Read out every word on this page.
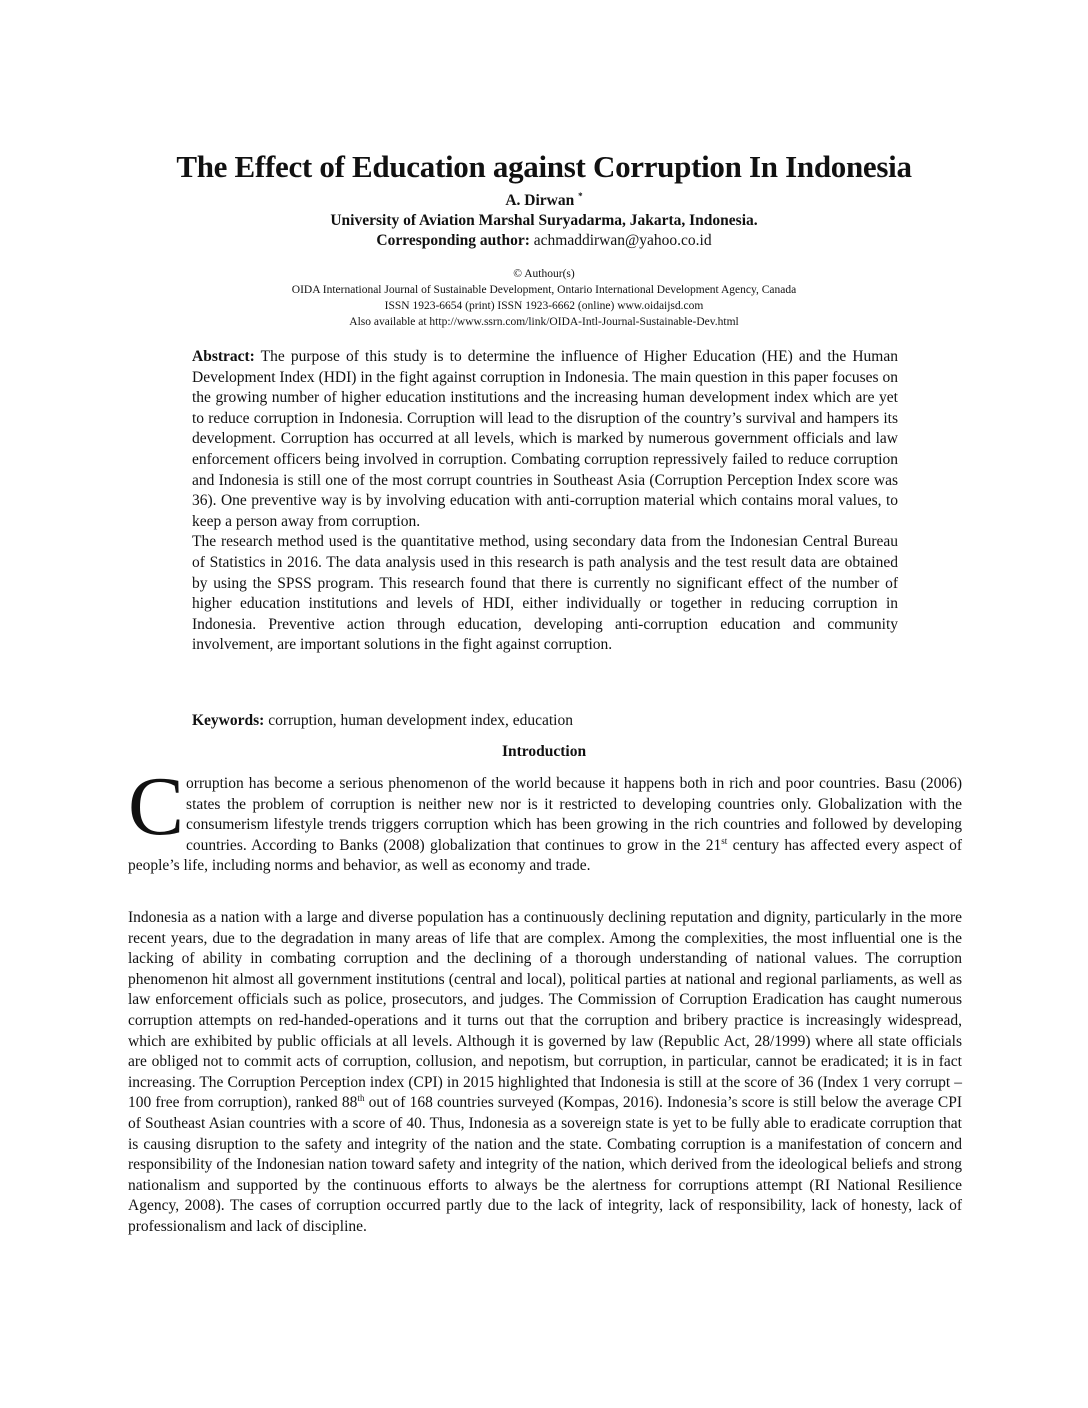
The Effect of Education against Corruption In Indonesia
A. Dirwan *
University of Aviation Marshal Suryadarma, Jakarta, Indonesia.
Corresponding author: achmaddirwan@yahoo.co.id
© Authour(s)
OIDA International Journal of Sustainable Development, Ontario International Development Agency, Canada
ISSN 1923-6654 (print) ISSN 1923-6662 (online) www.oidaijsd.com
Also available at http://www.ssrn.com/link/OIDA-Intl-Journal-Sustainable-Dev.html

Abstract: The purpose of this study is to determine the influence of Higher Education (HE) and the Human Development Index (HDI) in the fight against corruption in Indonesia. The main question in this paper focuses on the growing number of higher education institutions and the increasing human development index which are yet to reduce corruption in Indonesia. Corruption will lead to the disruption of the country’s survival and hampers its development. Corruption has occurred at all levels, which is marked by numerous government officials and law enforcement officers being involved in corruption. Combating corruption repressively failed to reduce corruption and Indonesia is still one of the most corrupt countries in Southeast Asia (Corruption Perception Index score was 36). One preventive way is by involving education with anti-corruption material which contains moral values, to keep a person away from corruption.

The research method used is the quantitative method, using secondary data from the Indonesian Central Bureau of Statistics in 2016. The data analysis used in this research is path analysis and the test result data are obtained by using the SPSS program. This research found that there is currently no significant effect of the number of higher education institutions and levels of HDI, either individually or together in reducing corruption in Indonesia. Preventive action through education, developing anti-corruption education and community involvement, are important solutions in the fight against corruption.

Keywords: corruption, human development index, education
Introduction

Corruption has become a serious phenomenon of the world because it happens both in rich and poor countries. Basu (2006) states the problem of corruption is neither new nor is it restricted to developing countries only. Globalization with the consumerism lifestyle trends triggers corruption which has been growing in the rich countries and followed by developing countries. According to Banks (2008) globalization that continues to grow in the 21st century has affected every aspect of people’s life, including norms and behavior, as well as economy and trade.

Indonesia as a nation with a large and diverse population has a continuously declining reputation and dignity, particularly in the more recent years, due to the degradation in many areas of life that are complex. Among the complexities, the most influential one is the lacking of ability in combating corruption and the declining of a thorough understanding of national values. The corruption phenomenon hit almost all government institutions (central and local), political parties at national and regional parliaments, as well as law enforcement officials such as police, prosecutors, and judges. The Commission of Corruption Eradication has caught numerous corruption attempts on red-handed-operations and it turns out that the corruption and bribery practice is increasingly widespread, which are exhibited by public officials at all levels. Although it is governed by law (Republic Act, 28/1999) where all state officials are obliged not to commit acts of corruption, collusion, and nepotism, but corruption, in particular, cannot be eradicated; it is in fact increasing. The Corruption Perception index (CPI) in 2015 highlighted that Indonesia is still at the score of 36 (Index 1 very corrupt – 100 free from corruption), ranked 88th out of 168 countries surveyed (Kompas, 2016). Indonesia’s score is still below the average CPI of Southeast Asian countries with a score of 40. Thus, Indonesia as a sovereign state is yet to be fully able to eradicate corruption that is causing disruption to the safety and integrity of the nation and the state. Combating corruption is a manifestation of concern and responsibility of the Indonesian nation toward safety and integrity of the nation, which derived from the ideological beliefs and strong nationalism and supported by the continuous efforts to always be the alertness for corruptions attempt (RI National Resilience Agency, 2008). The cases of corruption occurred partly due to the lack of integrity, lack of responsibility, lack of honesty, lack of professionalism and lack of discipline.
